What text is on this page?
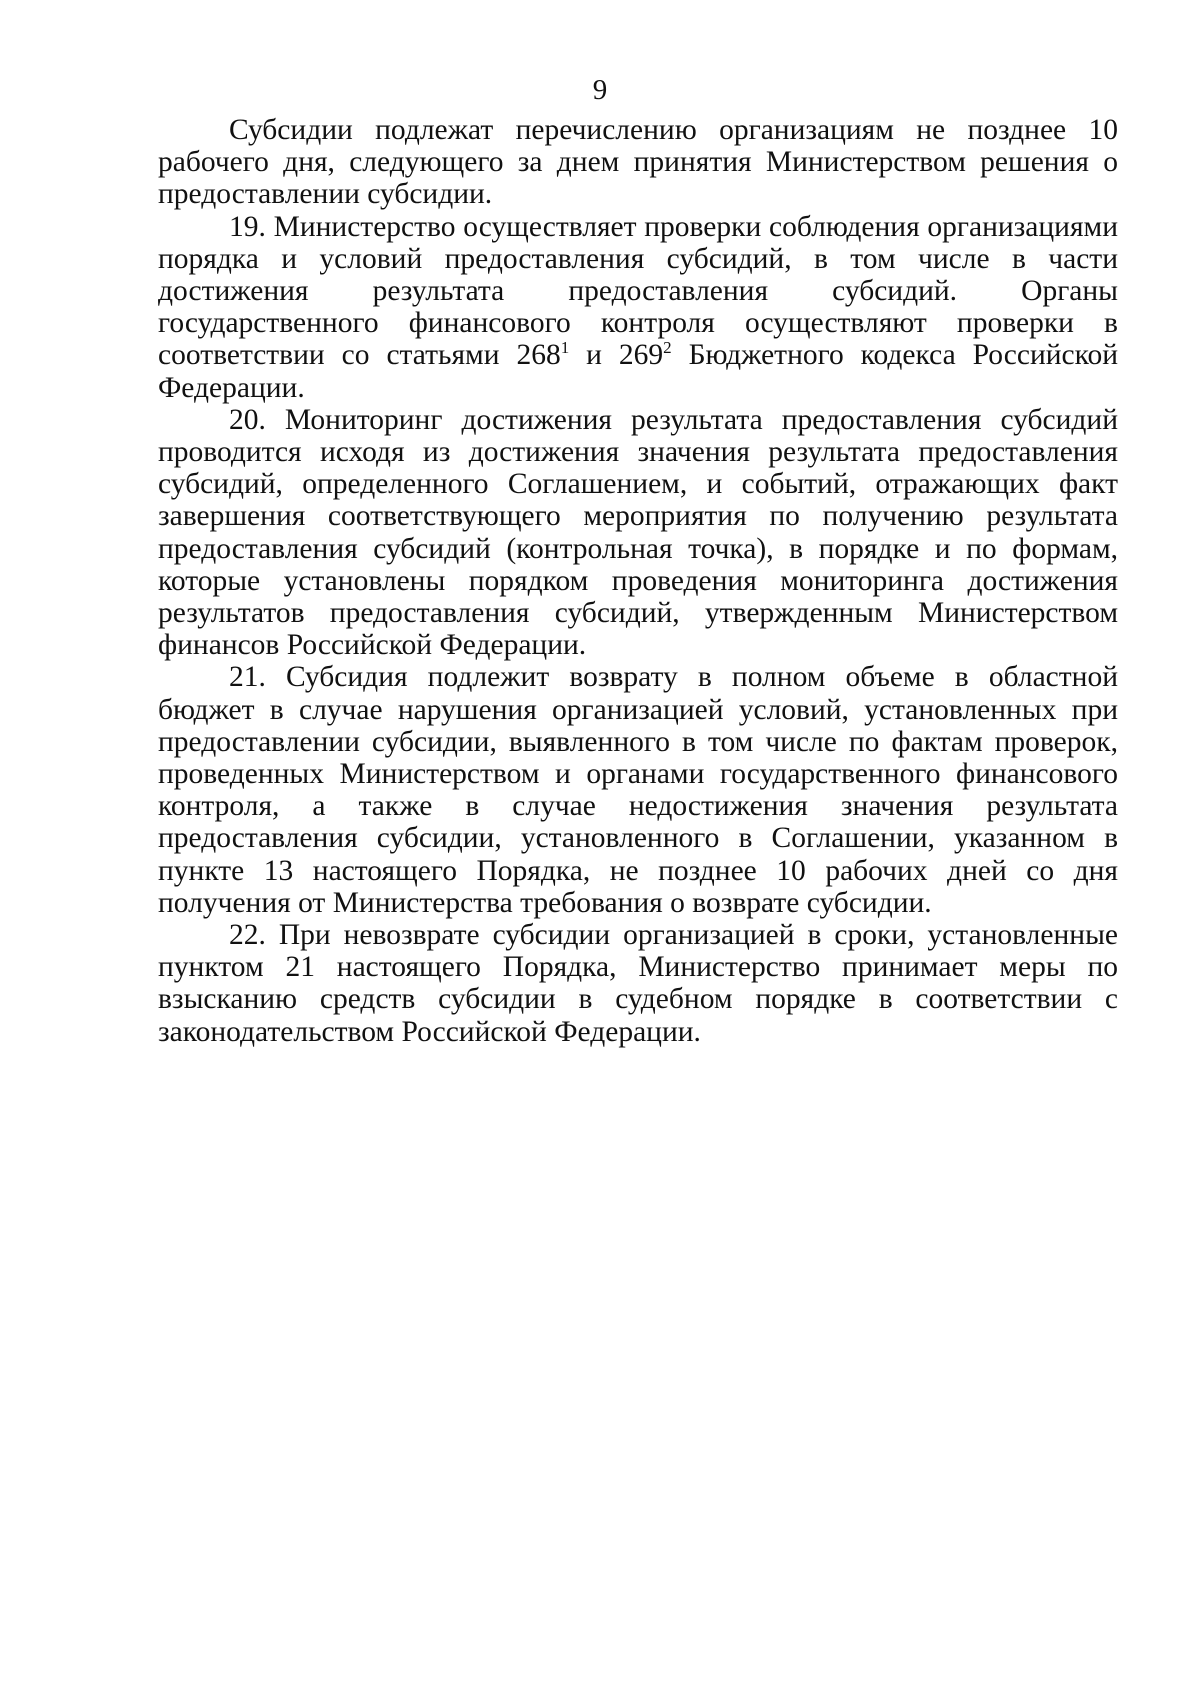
9

Субсидии подлежат перечислению организациям не позднее 10 рабочего дня, следующего за днем принятия Министерством решения о предоставлении субсидии.

19. Министерство осуществляет проверки соблюдения организациями порядка и условий предоставления субсидий, в том числе в части достижения результата предоставления субсидий. Органы государственного финансового контроля осуществляют проверки в соответствии со статьями $268^1$ и $269^2$ Бюджетного кодекса Российской Федерации.

20. Мониторинг достижения результата предоставления субсидий проводится исходя из достижения значения результата предоставления субсидий, определенного Соглашением, и событий, отражающих факт завершения соответствующего мероприятия по получению результата предоставления субсидий (контрольная точка), в порядке и по формам, которые установлены порядком проведения мониторинга достижения результатов предоставления субсидий, утвержденным Министерством финансов Российской Федерации.

21. Субсидия подлежит возврату в полном объеме в областной бюджет в случае нарушения организацией условий, установленных при предоставлении субсидии, выявленного в том числе по фактам проверок, проведенных Министерством и органами государственного финансового контроля, а также в случае недостижения значения результата предоставления субсидии, установленного в Соглашении, указанном в пункте 13 настоящего Порядка, не позднее 10 рабочих дней со дня получения от Министерства требования о возврате субсидии.

22. При невозврате субсидии организацией в сроки, установленные пунктом 21 настоящего Порядка, Министерство принимает меры по взысканию средств субсидии в судебном порядке в соответствии с законодательством Российской Федерации.
